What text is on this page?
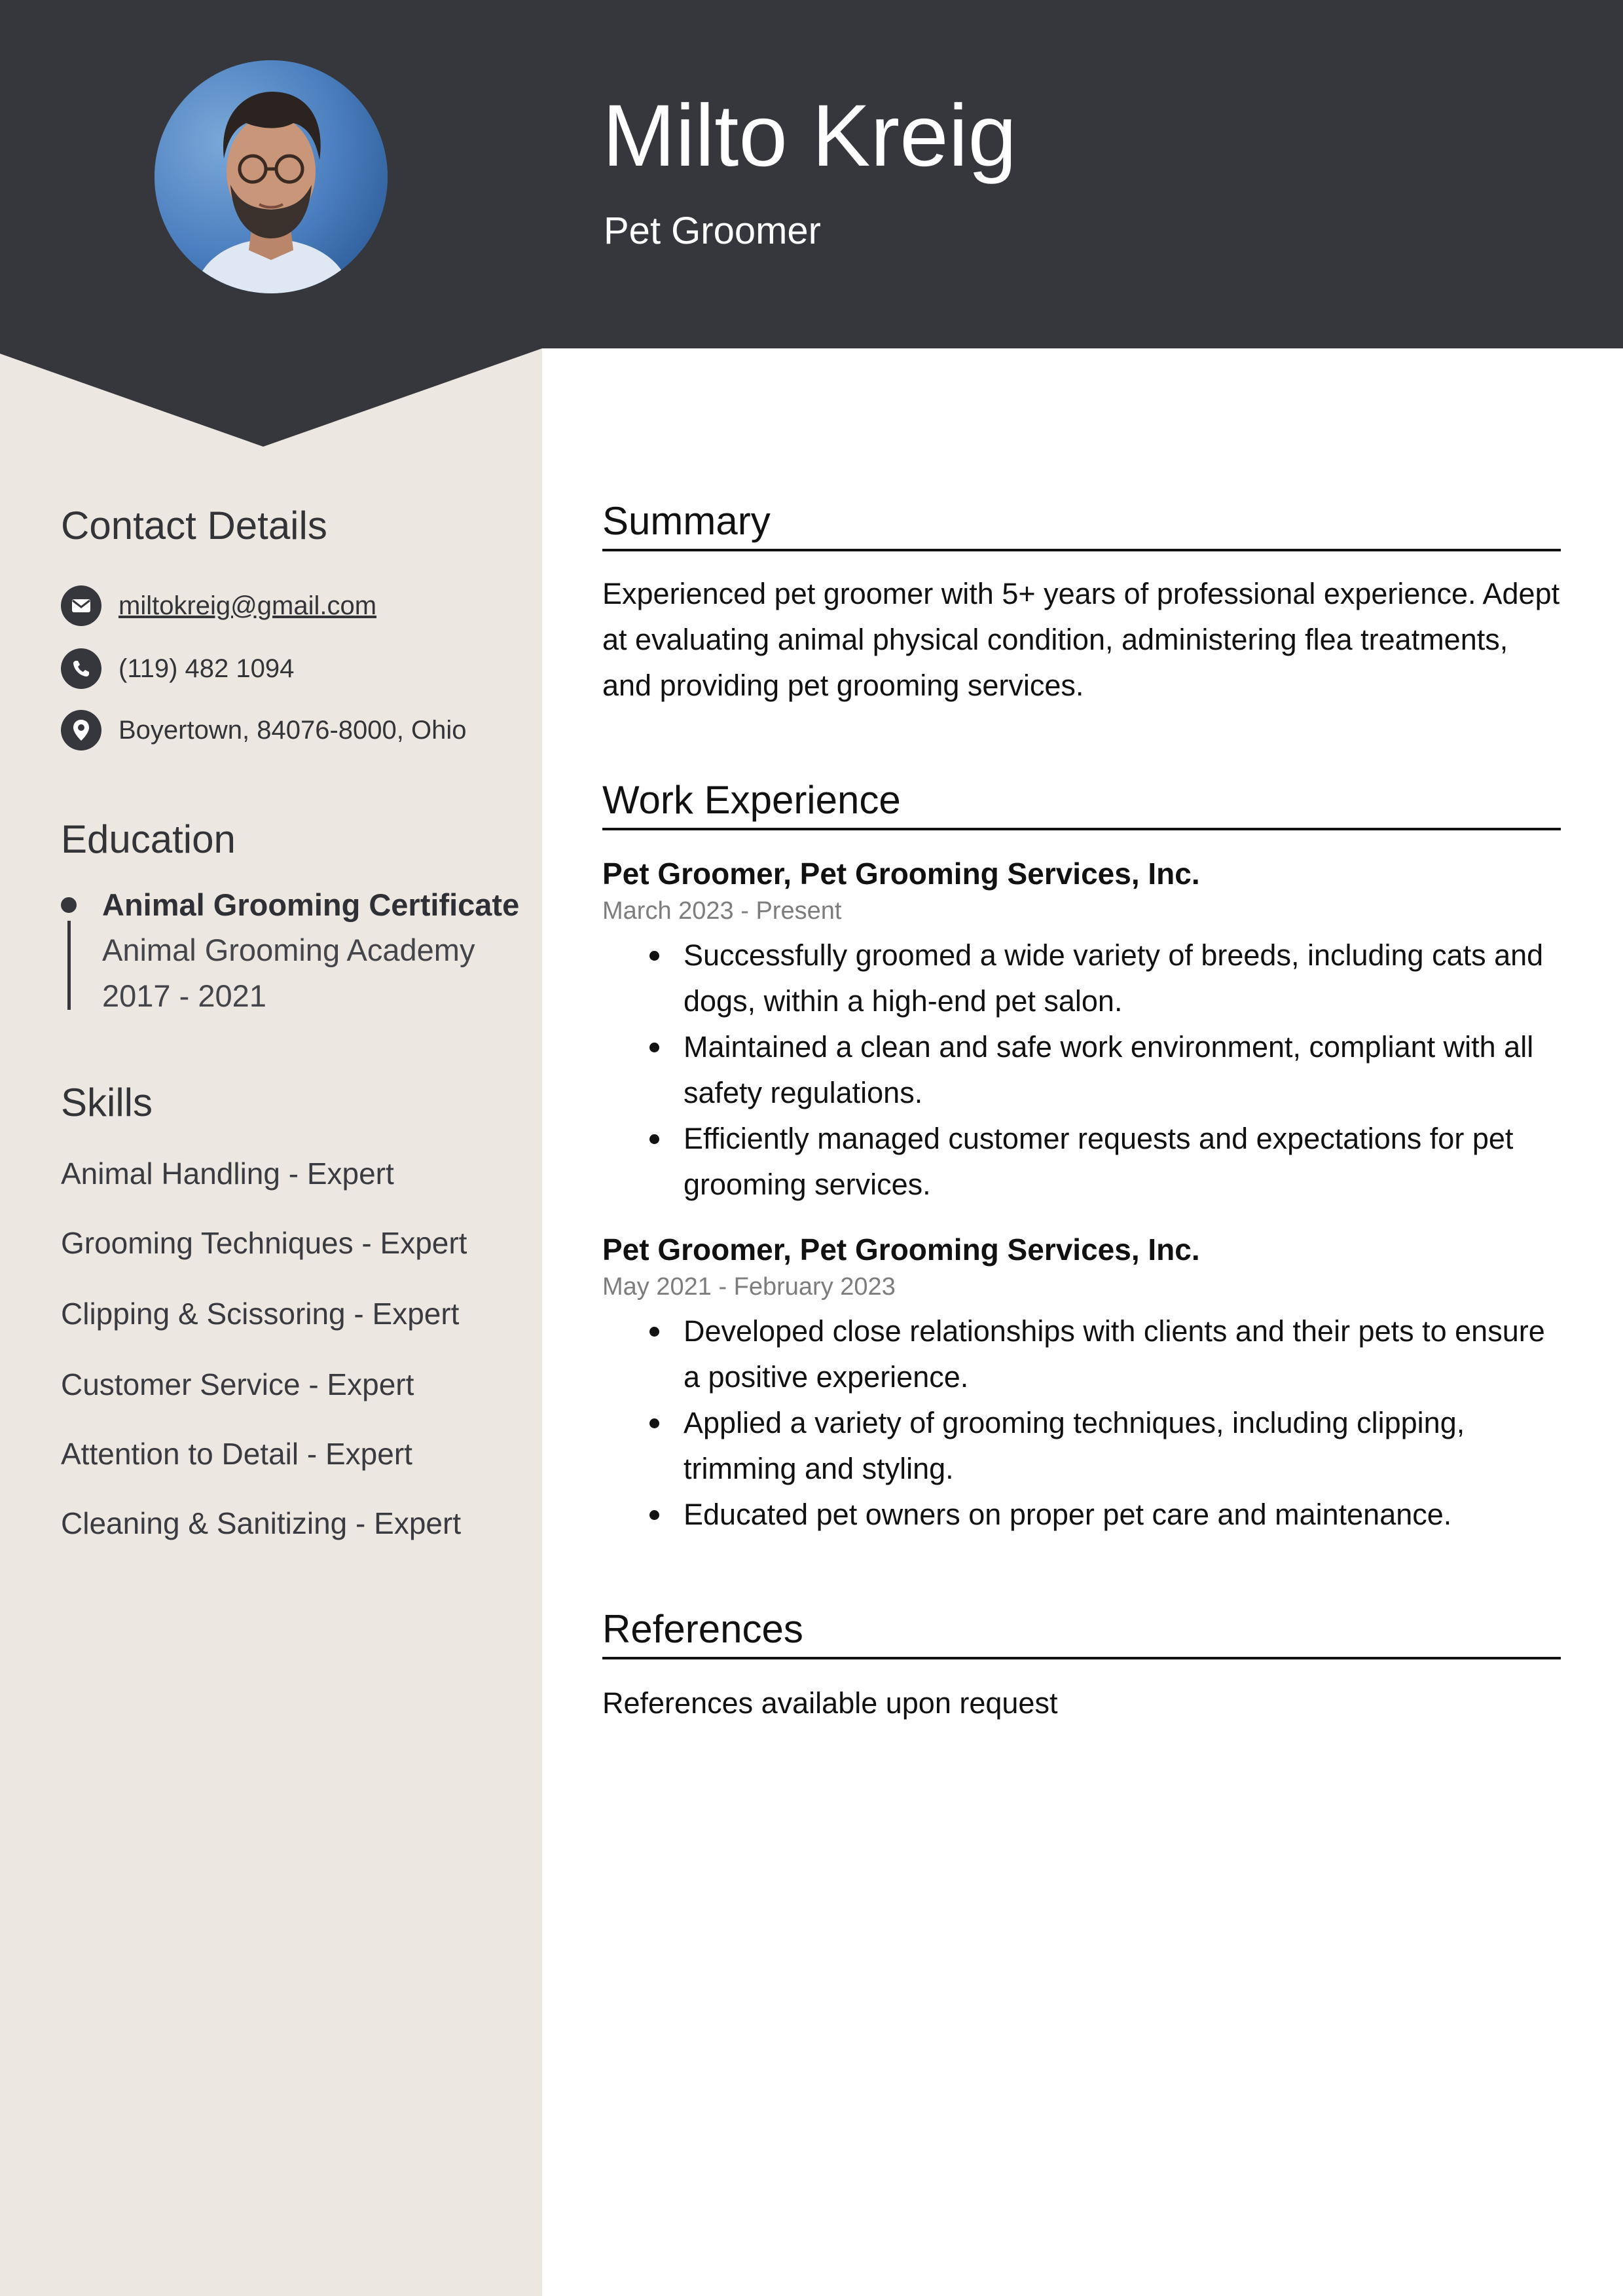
Milto Kreig
Pet Groomer
Contact Details
miltokreig@gmail.com
(119) 482 1094
Boyertown, 84076-8000, Ohio
Education
Animal Grooming Certificate
Animal Grooming Academy
2017 - 2021
Skills
Animal Handling - Expert
Grooming Techniques - Expert
Clipping & Scissoring - Expert
Customer Service - Expert
Attention to Detail - Expert
Cleaning & Sanitizing - Expert
Summary
Experienced pet groomer with 5+ years of professional experience. Adept at evaluating animal physical condition, administering flea treatments, and providing pet grooming services.
Work Experience
Pet Groomer, Pet Grooming Services, Inc.
March 2023 - Present
Successfully groomed a wide variety of breeds, including cats and dogs, within a high-end pet salon.
Maintained a clean and safe work environment, compliant with all safety regulations.
Efficiently managed customer requests and expectations for pet grooming services.
Pet Groomer, Pet Grooming Services, Inc.
May 2021 - February 2023
Developed close relationships with clients and their pets to ensure a positive experience.
Applied a variety of grooming techniques, including clipping, trimming and styling.
Educated pet owners on proper pet care and maintenance.
References
References available upon request
